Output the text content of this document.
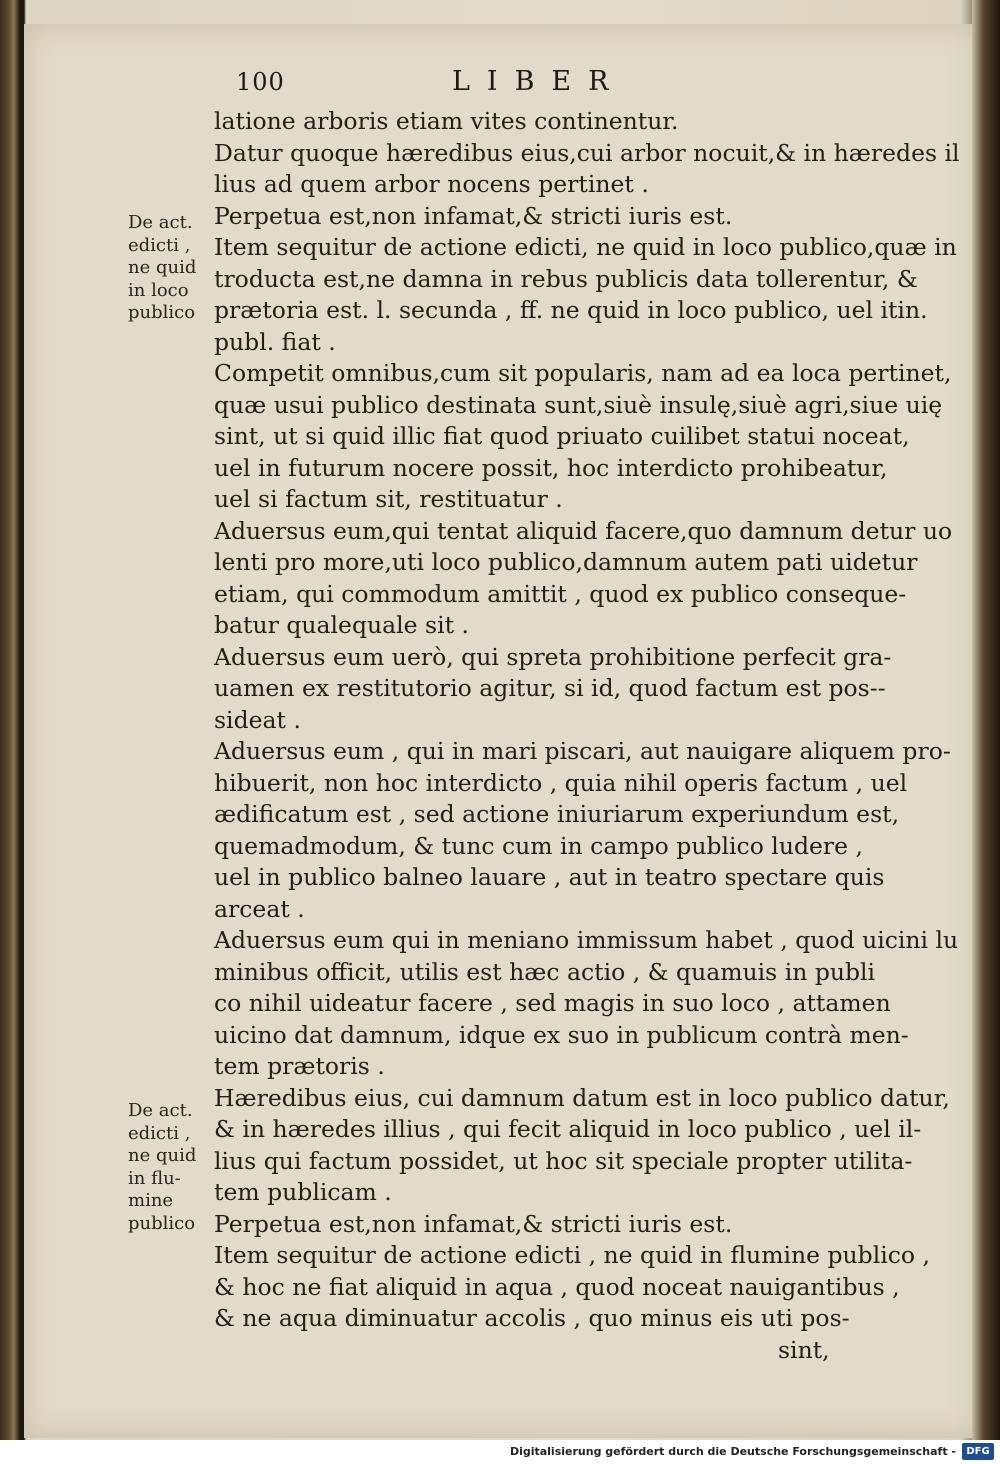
100	LIBER
De act.
edicti ,
ne quid
in loco
publico
De act.
edicti ,
ne quid
in flu-
mine
publico
latione arboris etiam vites continentur.
Datur quoque hæredibus eius,cui arbor nocuit,& in hæredes il
lius ad quem arbor nocens pertinet .
Perpetua est,non infamat,& stricti iuris est.
Item sequitur de actione edicti, ne quid in loco publico,quæ in
troducta est,ne damna in rebus publicis data tollerentur, &
prætoria est. l. secunda , ff. ne quid in loco publico, uel itin.
publ. fiat .
Competit omnibus,cum sit popularis, nam ad ea loca pertinet,
quæ usui publico destinata sunt,siuè insulę,siuè agri,siue uię
sint, ut si quid illic fiat quod priuato cuilibet statui noceat,
uel in futurum nocere possit, hoc interdicto prohibeatur,
uel si factum sit, restituatur .
Aduersus eum,qui tentat aliquid facere,quo damnum detur uo
lenti pro more,uti loco publico,damnum autem pati uidetur
etiam, qui commodum amittit , quod ex publico conseque-
batur qualequale sit .
Aduersus eum uerò, qui spreta prohibitione perfecit gra-
uamen ex restitutorio agitur, si id, quod factum est pos--
sideat .
Aduersus eum , qui in mari piscari, aut nauigare aliquem pro-
hibuerit, non hoc interdicto , quia nihil operis factum , uel
ædificatum est , sed actione iniuriarum experiundum est,
quemadmodum, & tunc cum in campo publico ludere ,
uel in publico balneo lauare , aut in teatro spectare quis
arceat .
Aduersus eum qui in meniano immissum habet , quod uicini lu
minibus officit, utilis est hæc actio , & quamuis in publi
co nihil uideatur facere , sed magis in suo loco , attamen
uicino dat damnum, idque ex suo in publicum contrà men-
tem prætoris .
Hæredibus eius, cui damnum datum est in loco publico datur,
& in hæredes illius , qui fecit aliquid in loco publico , uel il-
lius qui factum possidet, ut hoc sit speciale propter utilita-
tem publicam .
Perpetua est,non infamat,& stricti iuris est.
Item sequitur de actione edicti , ne quid in flumine publico ,
& hoc ne fiat aliquid in aqua , quod noceat nauigantibus ,
& ne aqua diminuatur accolis , quo minus eis uti pos-
sint,
Digitalisierung gefördert durch die Deutsche Forschungsgemeinschaft -	DFG
